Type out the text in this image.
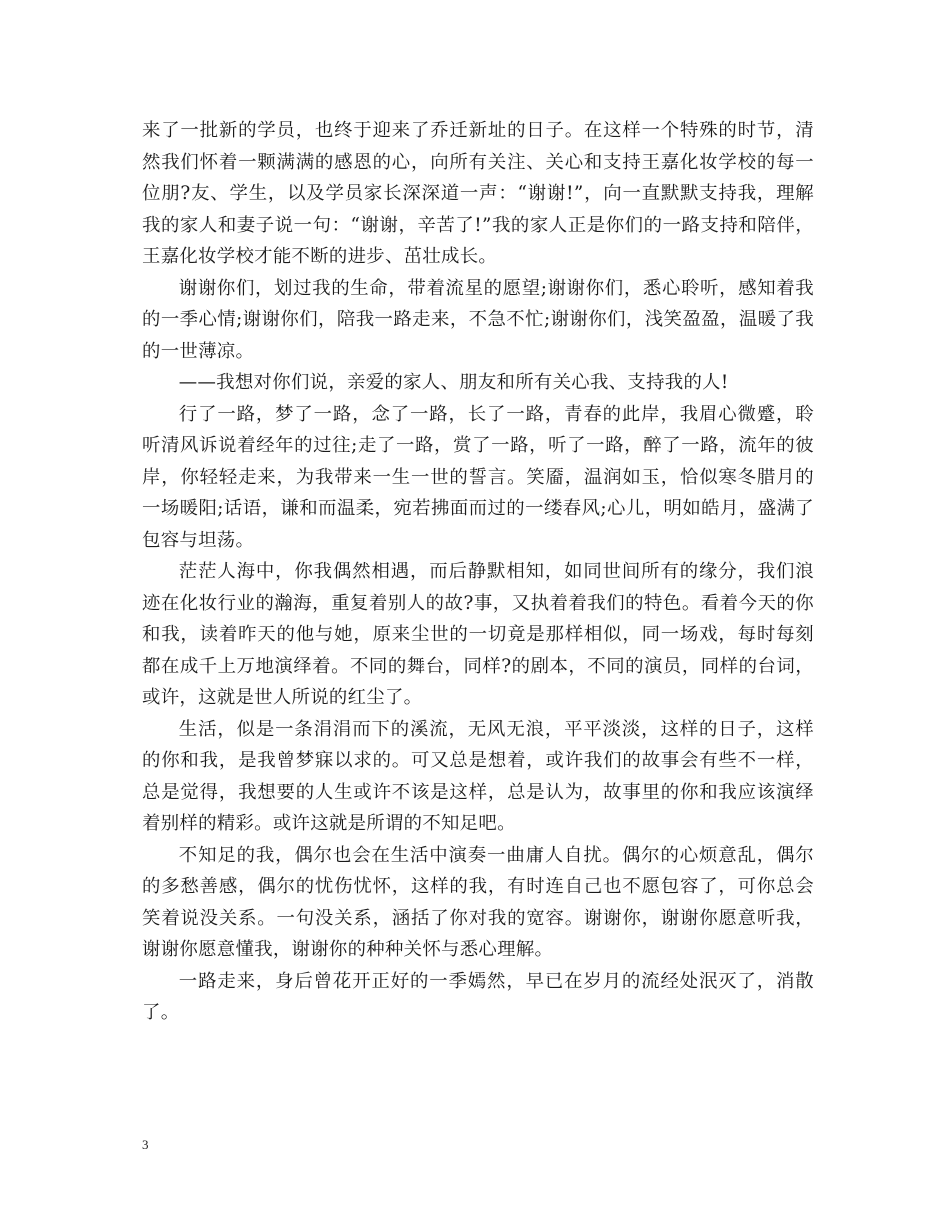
来了一批新的学员，也终于迎来了乔迁新址的日子。在这样一个特殊的时节，清然我们怀着一颗满满的感恩的心，向所有关注、关心和支持王嘉化妆学校的每一位朋?友、学生，以及学员家长深深道一声：“谢谢!”，向一直默默支持我，理解我的家人和妻子说一句：“谢谢，辛苦了!”我的家人正是你们的一路支持和陪伴，王嘉化妆学校才能不断的进步、茁壮成长。

谢谢你们，划过我的生命，带着流星的愿望;谢谢你们，悉心聆听，感知着我的一季心情;谢谢你们，陪我一路走来，不急不忙;谢谢你们，浅笑盈盈，温暖了我的一世薄凉。

——我想对你们说，亲爱的家人、朋友和所有关心我、支持我的人!

行了一路，梦了一路，念了一路，长了一路，青春的此岸，我眉心微蹙，聆听清风诉说着经年的过往;走了一路，赏了一路，听了一路，醉了一路，流年的彼岸，你轻轻走来，为我带来一生一世的誓言。笑靥，温润如玉，恰似寒冬腊月的一场暖阳;话语，谦和而温柔，宛若拂面而过的一缕春风;心儿，明如皓月，盛满了包容与坦荡。

茫茫人海中，你我偶然相遇，而后静默相知，如同世间所有的缘分，我们浪迹在化妆行业的瀚海，重复着别人的故?事，又执着着我们的特色。看着今天的你和我，读着昨天的他与她，原来尘世的一切竟是那样相似，同一场戏，每时每刻都在成千上万地演绎着。不同的舞台，同样?的剧本，不同的演员，同样的台词，或许，这就是世人所说的红尘了。

生活，似是一条涓涓而下的溪流，无风无浪，平平淡淡，这样的日子，这样的你和我，是我曾梦寐以求的。可又总是想着，或许我们的故事会有些不一样，总是觉得，我想要的人生或许不该是这样，总是认为，故事里的你和我应该演绎着别样的精彩。或许这就是所谓的不知足吧。

不知足的我，偶尔也会在生活中演奏一曲庸人自扰。偶尔的心烦意乱，偶尔的多愁善感，偶尔的忧伤忧怀，这样的我，有时连自己也不愿包容了，可你总会笑着说没关系。一句没关系，涵括了你对我的宽容。谢谢你，谢谢你愿意听我，谢谢你愿意懂我，谢谢你的种种关怀与悉心理解。

一路走来，身后曾花开正好的一季嫣然，早已在岁月的流经处泯灭了，消散了。

3
